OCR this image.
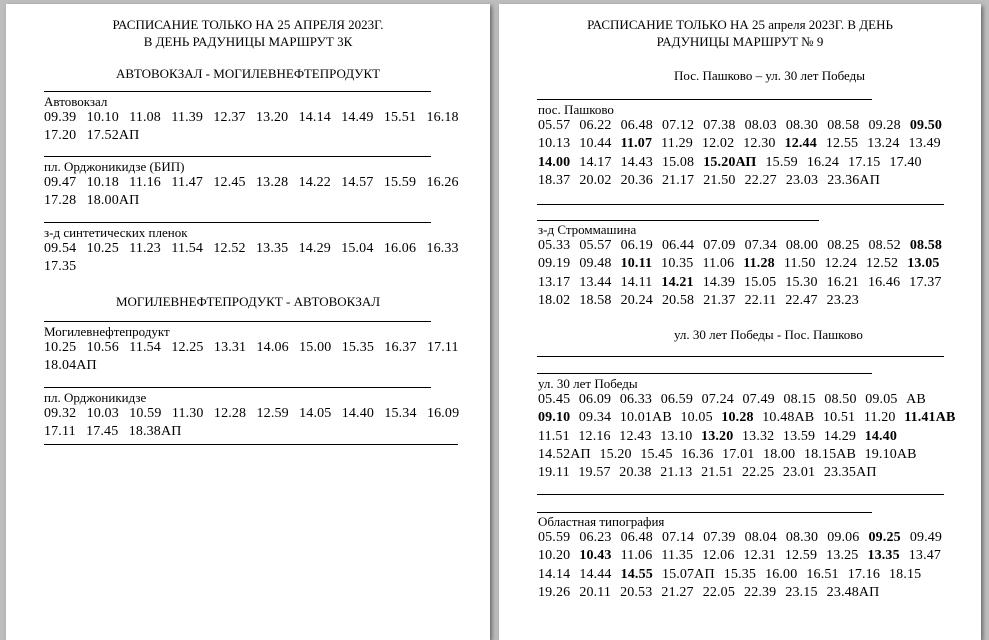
РАСПИСАНИЕ ТОЛЬКО НА 25 АПРЕЛЯ 2023Г.
В ДЕНЬ РАДУНИЦЫ МАРШРУТ 3К
АВТОВОКЗАЛ - МОГИЛЕВНЕФТЕПРОДУКТ
Автовокзал
09.39 10.10 11.08 11.39 12.37 13.20 14.14 14.49 15.51 16.18 17.20 17.52АП
пл. Орджоникидзе (БИП)
09.47 10.18 11.16 11.47 12.45 13.28 14.22 14.57 15.59 16.26 17.28 18.00АП
з-д синтетических пленок
09.54 10.25 11.23 11.54 12.52 13.35 14.29 15.04 16.06 16.33 17.35
МОГИЛЕВНЕФТЕПРОДУКТ - АВТОВОКЗАЛ
Могилевнефтепродукт
10.25 10.56 11.54 12.25 13.31 14.06 15.00 15.35 16.37 17.11 18.04АП
пл. Орджоникидзе
09.32 10.03 10.59 11.30 12.28 12.59 14.05 14.40 15.34 16.09 17.11 17.45 18.38АП
РАСПИСАНИЕ ТОЛЬКО НА 25 апреля 2023Г. В ДЕНЬ
РАДУНИЦЫ МАРШРУТ № 9
Пос. Пашково – ул. 30 лет Победы
пос. Пашково
05.57 06.22 06.48 07.12 07.38 08.03 08.30 08.58 09.28 09.50 10.13 10.44 11.07 11.29 12.02 12.30 12.44 12.55 13.24 13.49 14.00 14.17 14.43 15.08 15.20АП 15.59 16.24 17.15 17.40 18.37 20.02 20.36 21.17 21.50 22.27 23.03 23.36АП
з-д Строммашина
05.33 05.57 06.19 06.44 07.09 07.34 08.00 08.25 08.52 08.58 09.19 09.48 10.11 10.35 11.06 11.28 11.50 12.24 12.52 13.05 13.17 13.44 14.11 14.21 14.39 15.05 15.30 16.21 16.46 17.37 18.02 18.58 20.24 20.58 21.37 22.11 22.47 23.23
ул. 30 лет Победы - Пос. Пашково
ул. 30 лет Победы
05.45 06.09 06.33 06.59 07.24 07.49 08.15 08.50 09.05 АВ 09.10 09.34 10.01АВ 10.05 10.28 10.48АВ 10.51 11.20 11.41АВ 11.51 12.16 12.43 13.10 13.20 13.32 13.59 14.29 14.40 14.52АП 15.20 15.45 16.36 17.01 18.00 18.15АВ 19.10АВ 19.11 19.57 20.38 21.13 21.51 22.25 23.01 23.35АП
Областная типография
05.59 06.23 06.48 07.14 07.39 08.04 08.30 09.06 09.25 09.49 10.20 10.43 11.06 11.35 12.06 12.31 12.59 13.25 13.35 13.47 14.14 14.44 14.55 15.07АП 15.35 16.00 16.51 17.16 18.15 19.26 20.11 20.53 21.27 22.05 22.39 23.15 23.48АП
